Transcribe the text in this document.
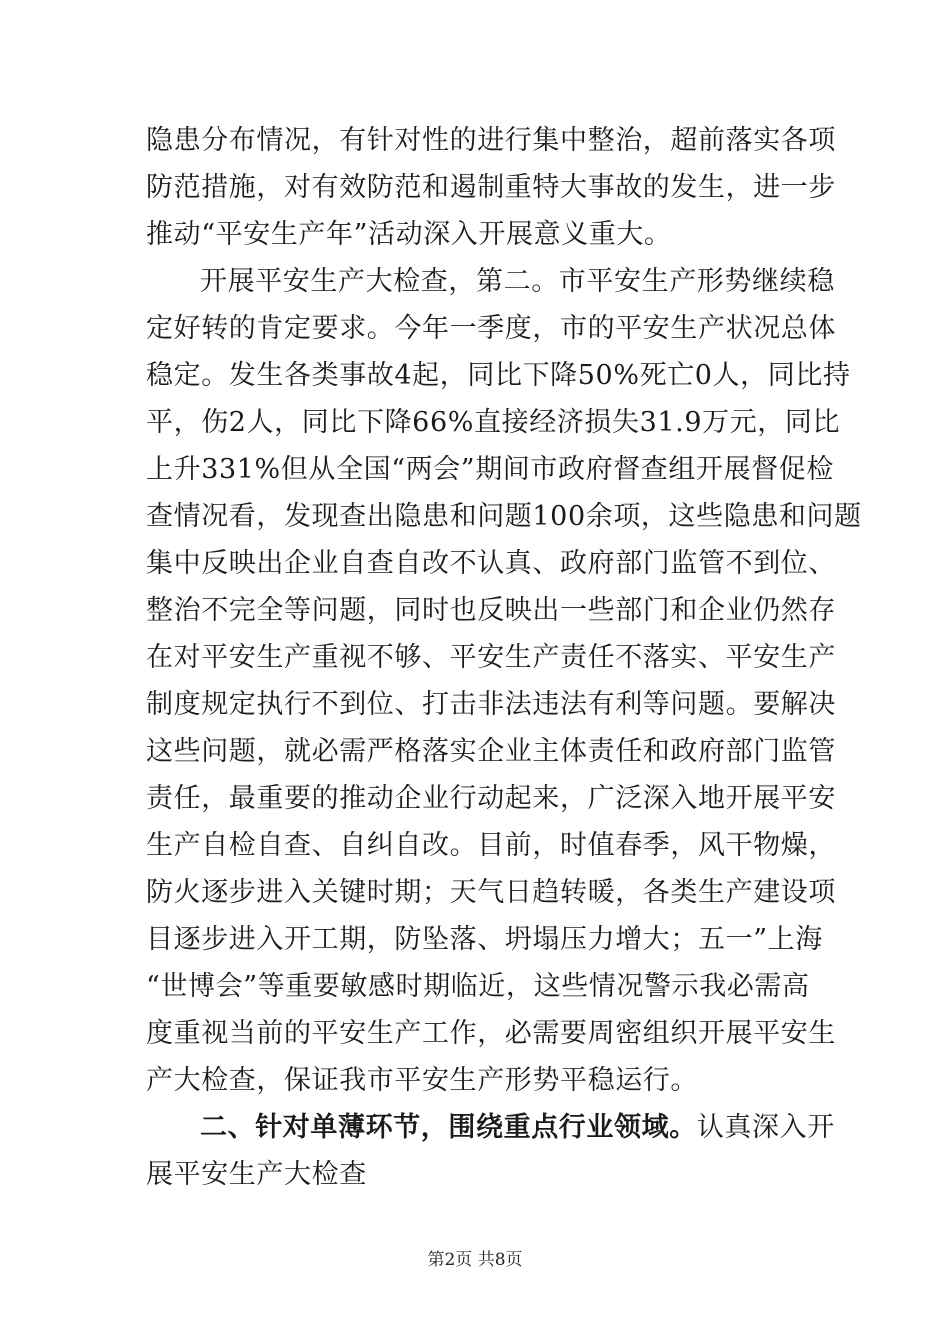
隐患分布情况，有针对性的进行集中整治，超前落实各项
防范措施，对有效防范和遏制重特大事故的发生，进一步
推动“平安生产年”活动深入开展意义重大。
开展平安生产大检查，第二。市平安生产形势继续稳
定好转的肯定要求。今年一季度，市的平安生产状况总体
稳定。发生各类事故4起，同比下降50%死亡0人，同比持
平，伤2人，同比下降66%直接经济损失31.9万元，同比
上升331%但从全国“两会”期间市政府督查组开展督促检
查情况看，发现查出隐患和问题100余项，这些隐患和问题
集中反映出企业自查自改不认真、政府部门监管不到位、
整治不完全等问题，同时也反映出一些部门和企业仍然存
在对平安生产重视不够、平安生产责任不落实、平安生产
制度规定执行不到位、打击非法违法有利等问题。要解决
这些问题，就必需严格落实企业主体责任和政府部门监管
责任，最重要的推动企业行动起来，广泛深入地开展平安
生产自检自查、自纠自改。目前，时值春季，风干物燥，
防火逐步进入关键时期；天气日趋转暖，各类生产建设项
目逐步进入开工期，防坠落、坍塌压力增大；五一”上海
“世博会”等重要敏感时期临近，这些情况警示我必需高
度重视当前的平安生产工作，必需要周密组织开展平安生
产大检查，保证我市平安生产形势平稳运行。
二、针对单薄环节，围绕重点行业领域。认真深入开
展平安生产大检查
第2页 共8页
